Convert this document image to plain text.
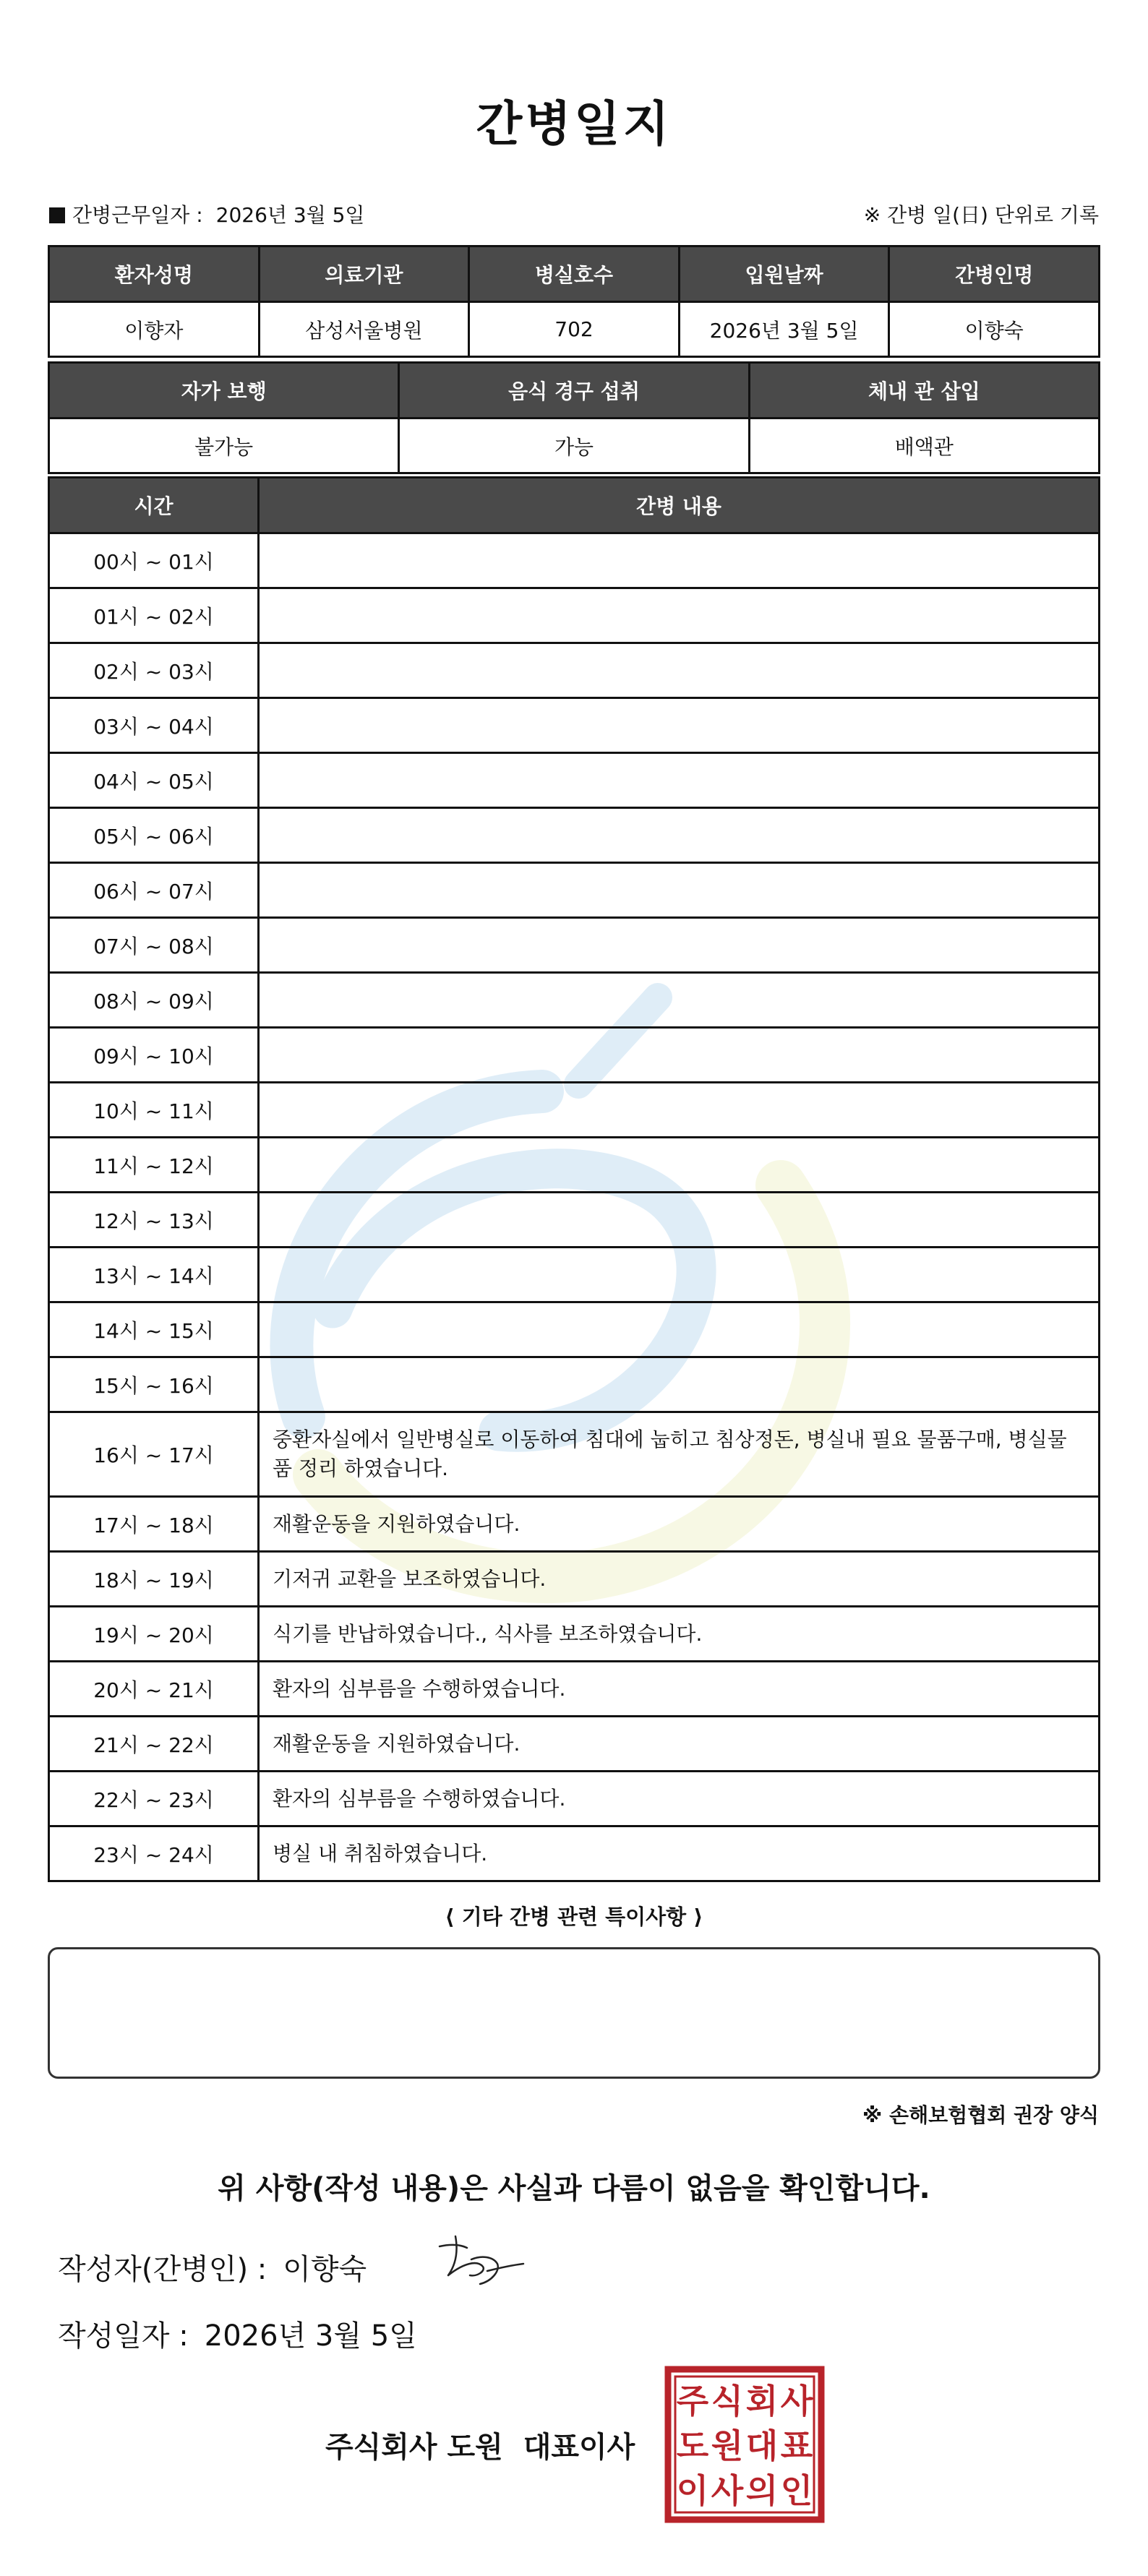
간병일지
간병근무일자 : 2026년 3월 5일	※ 간병 일(日) 단위로 기록
환자성명	의료기관	병실호수	입원날짜	간병인명
이향자	삼성서울병원	702	2026년 3월 5일	이향숙
자가 보행	음식 경구 섭취	체내 관 삽입
불가능	가능	배액관
시간	간병 내용
00시 ~ 01시	
01시 ~ 02시	
02시 ~ 03시	
03시 ~ 04시	
04시 ~ 05시	
05시 ~ 06시	
06시 ~ 07시	
07시 ~ 08시	
08시 ~ 09시	
09시 ~ 10시	
10시 ~ 11시	
11시 ~ 12시	
12시 ~ 13시	
13시 ~ 14시	
14시 ~ 15시	
15시 ~ 16시	
16시 ~ 17시	중환자실에서 일반병실로 이동하여 침대에 눕히고 침상정돈, 병실내 필요 물품구매, 병실물품 정리 하였습니다.
17시 ~ 18시	재활운동을 지원하였습니다.
18시 ~ 19시	기저귀 교환을 보조하였습니다.
19시 ~ 20시	식기를 반납하였습니다., 식사를 보조하였습니다.
20시 ~ 21시	환자의 심부름을 수행하였습니다.
21시 ~ 22시	재활운동을 지원하였습니다.
22시 ~ 23시	환자의 심부름을 수행하였습니다.
23시 ~ 24시	병실 내 취침하였습니다.
⟨ 기타 간병 관련 특이사항 ⟩
※ 손해보험협회 권장 양식
위 사항(작성 내용)은 사실과 다름이 없음을 확인합니다.
작성자(간병인) : 이향숙
작성일자 : 2026년 3월 5일
주식회사 도원 대표이사
주 식 회 사
도 원 대 표
이 사 의 인
